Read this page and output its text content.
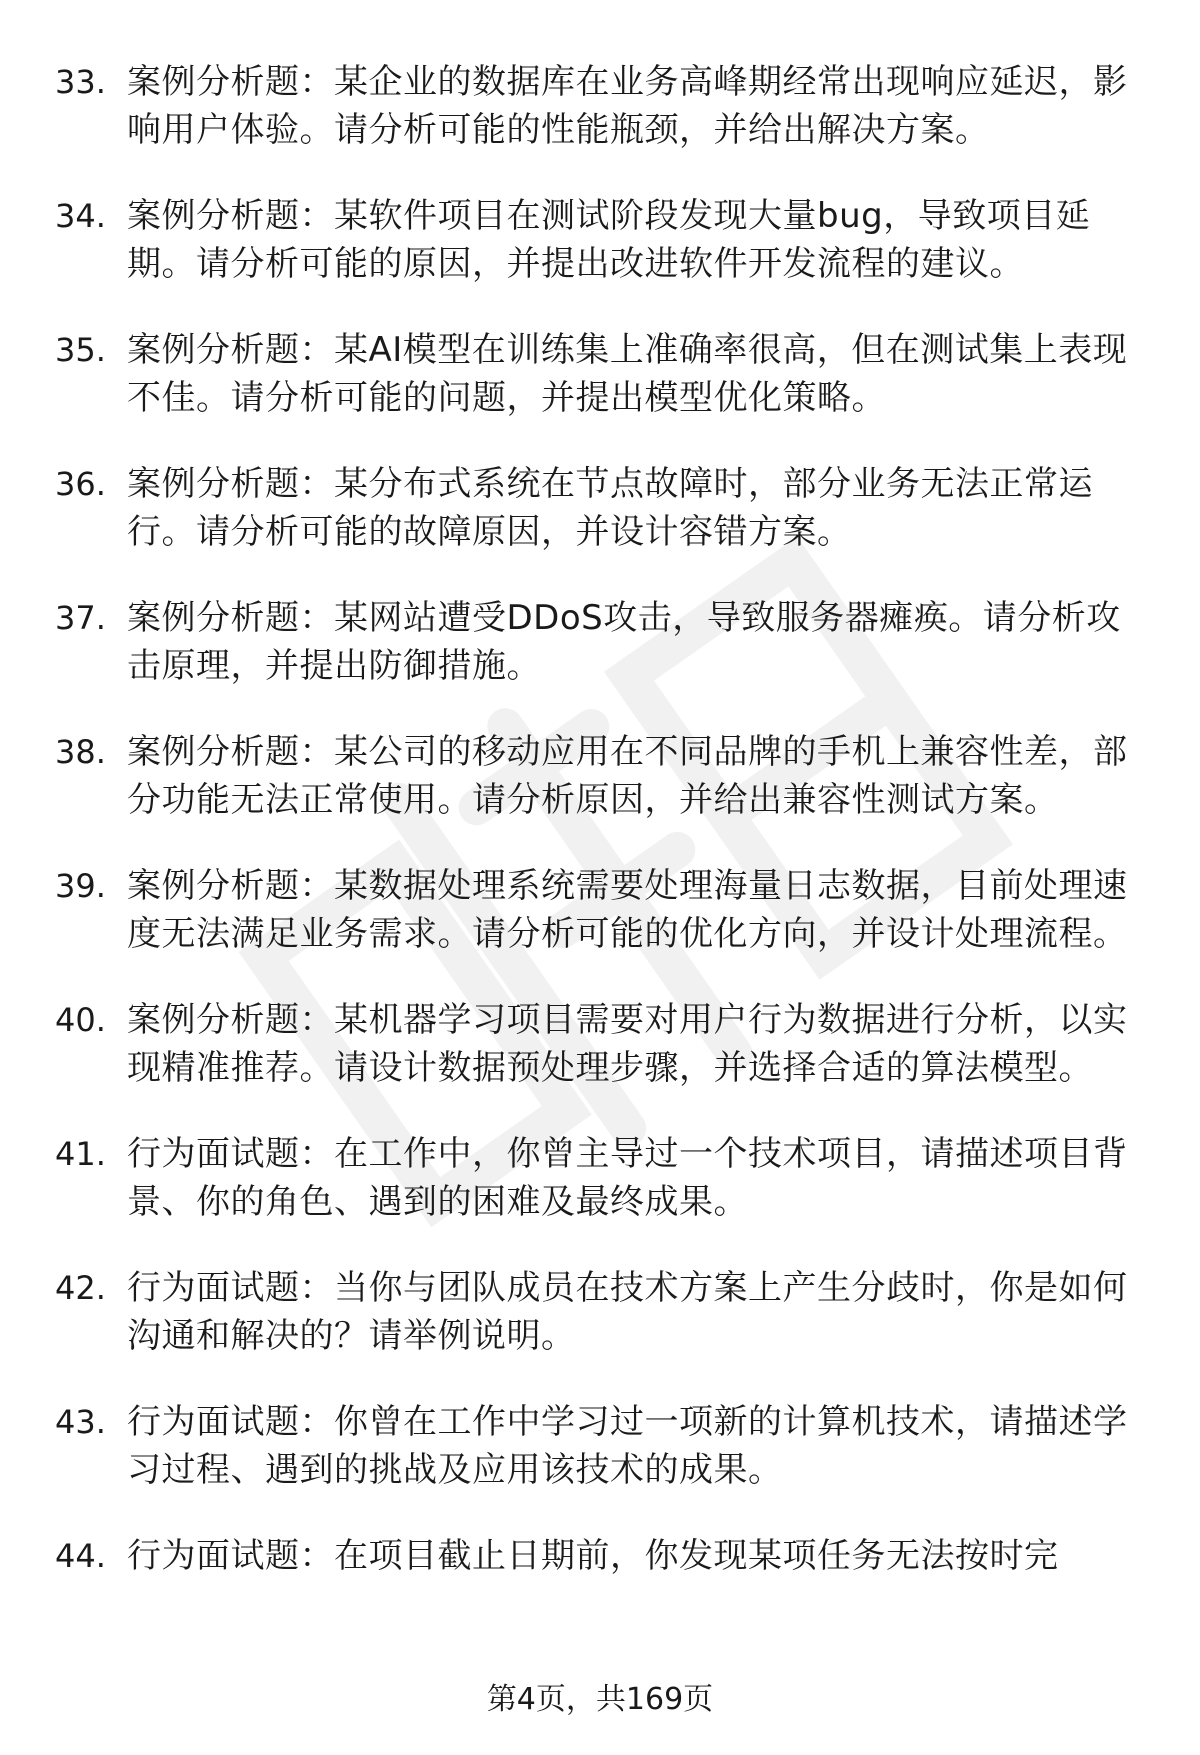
33. 案例分析题：某企业的数据库在业务高峰期经常出现响应延迟，影响用户体验。请分析可能的性能瓶颈，并给出解决方案。
34. 案例分析题：某软件项目在测试阶段发现大量bug，导致项目延期。请分析可能的原因，并提出改进软件开发流程的建议。
35. 案例分析题：某AI模型在训练集上准确率很高，但在测试集上表现不佳。请分析可能的问题，并提出模型优化策略。
36. 案例分析题：某分布式系统在节点故障时，部分业务无法正常运行。请分析可能的故障原因，并设计容错方案。
37. 案例分析题：某网站遭受DDoS攻击，导致服务器瘫痪。请分析攻击原理，并提出防御措施。
38. 案例分析题：某公司的移动应用在不同品牌的手机上兼容性差，部分功能无法正常使用。请分析原因，并给出兼容性测试方案。
39. 案例分析题：某数据处理系统需要处理海量日志数据，目前处理速度无法满足业务需求。请分析可能的优化方向，并设计处理流程。
40. 案例分析题：某机器学习项目需要对用户行为数据进行分析，以实现精准推荐。请设计数据预处理步骤，并选择合适的算法模型。
41. 行为面试题：在工作中，你曾主导过一个技术项目，请描述项目背景、你的角色、遇到的困难及最终成果。
42. 行为面试题：当你与团队成员在技术方案上产生分歧时，你是如何沟通和解决的？请举例说明。
43. 行为面试题：你曾在工作中学习过一项新的计算机技术，请描述学习过程、遇到的挑战及应用该技术的成果。
44. 行为面试题：在项目截止日期前，你发现某项任务无法按时完
第4页，共169页
